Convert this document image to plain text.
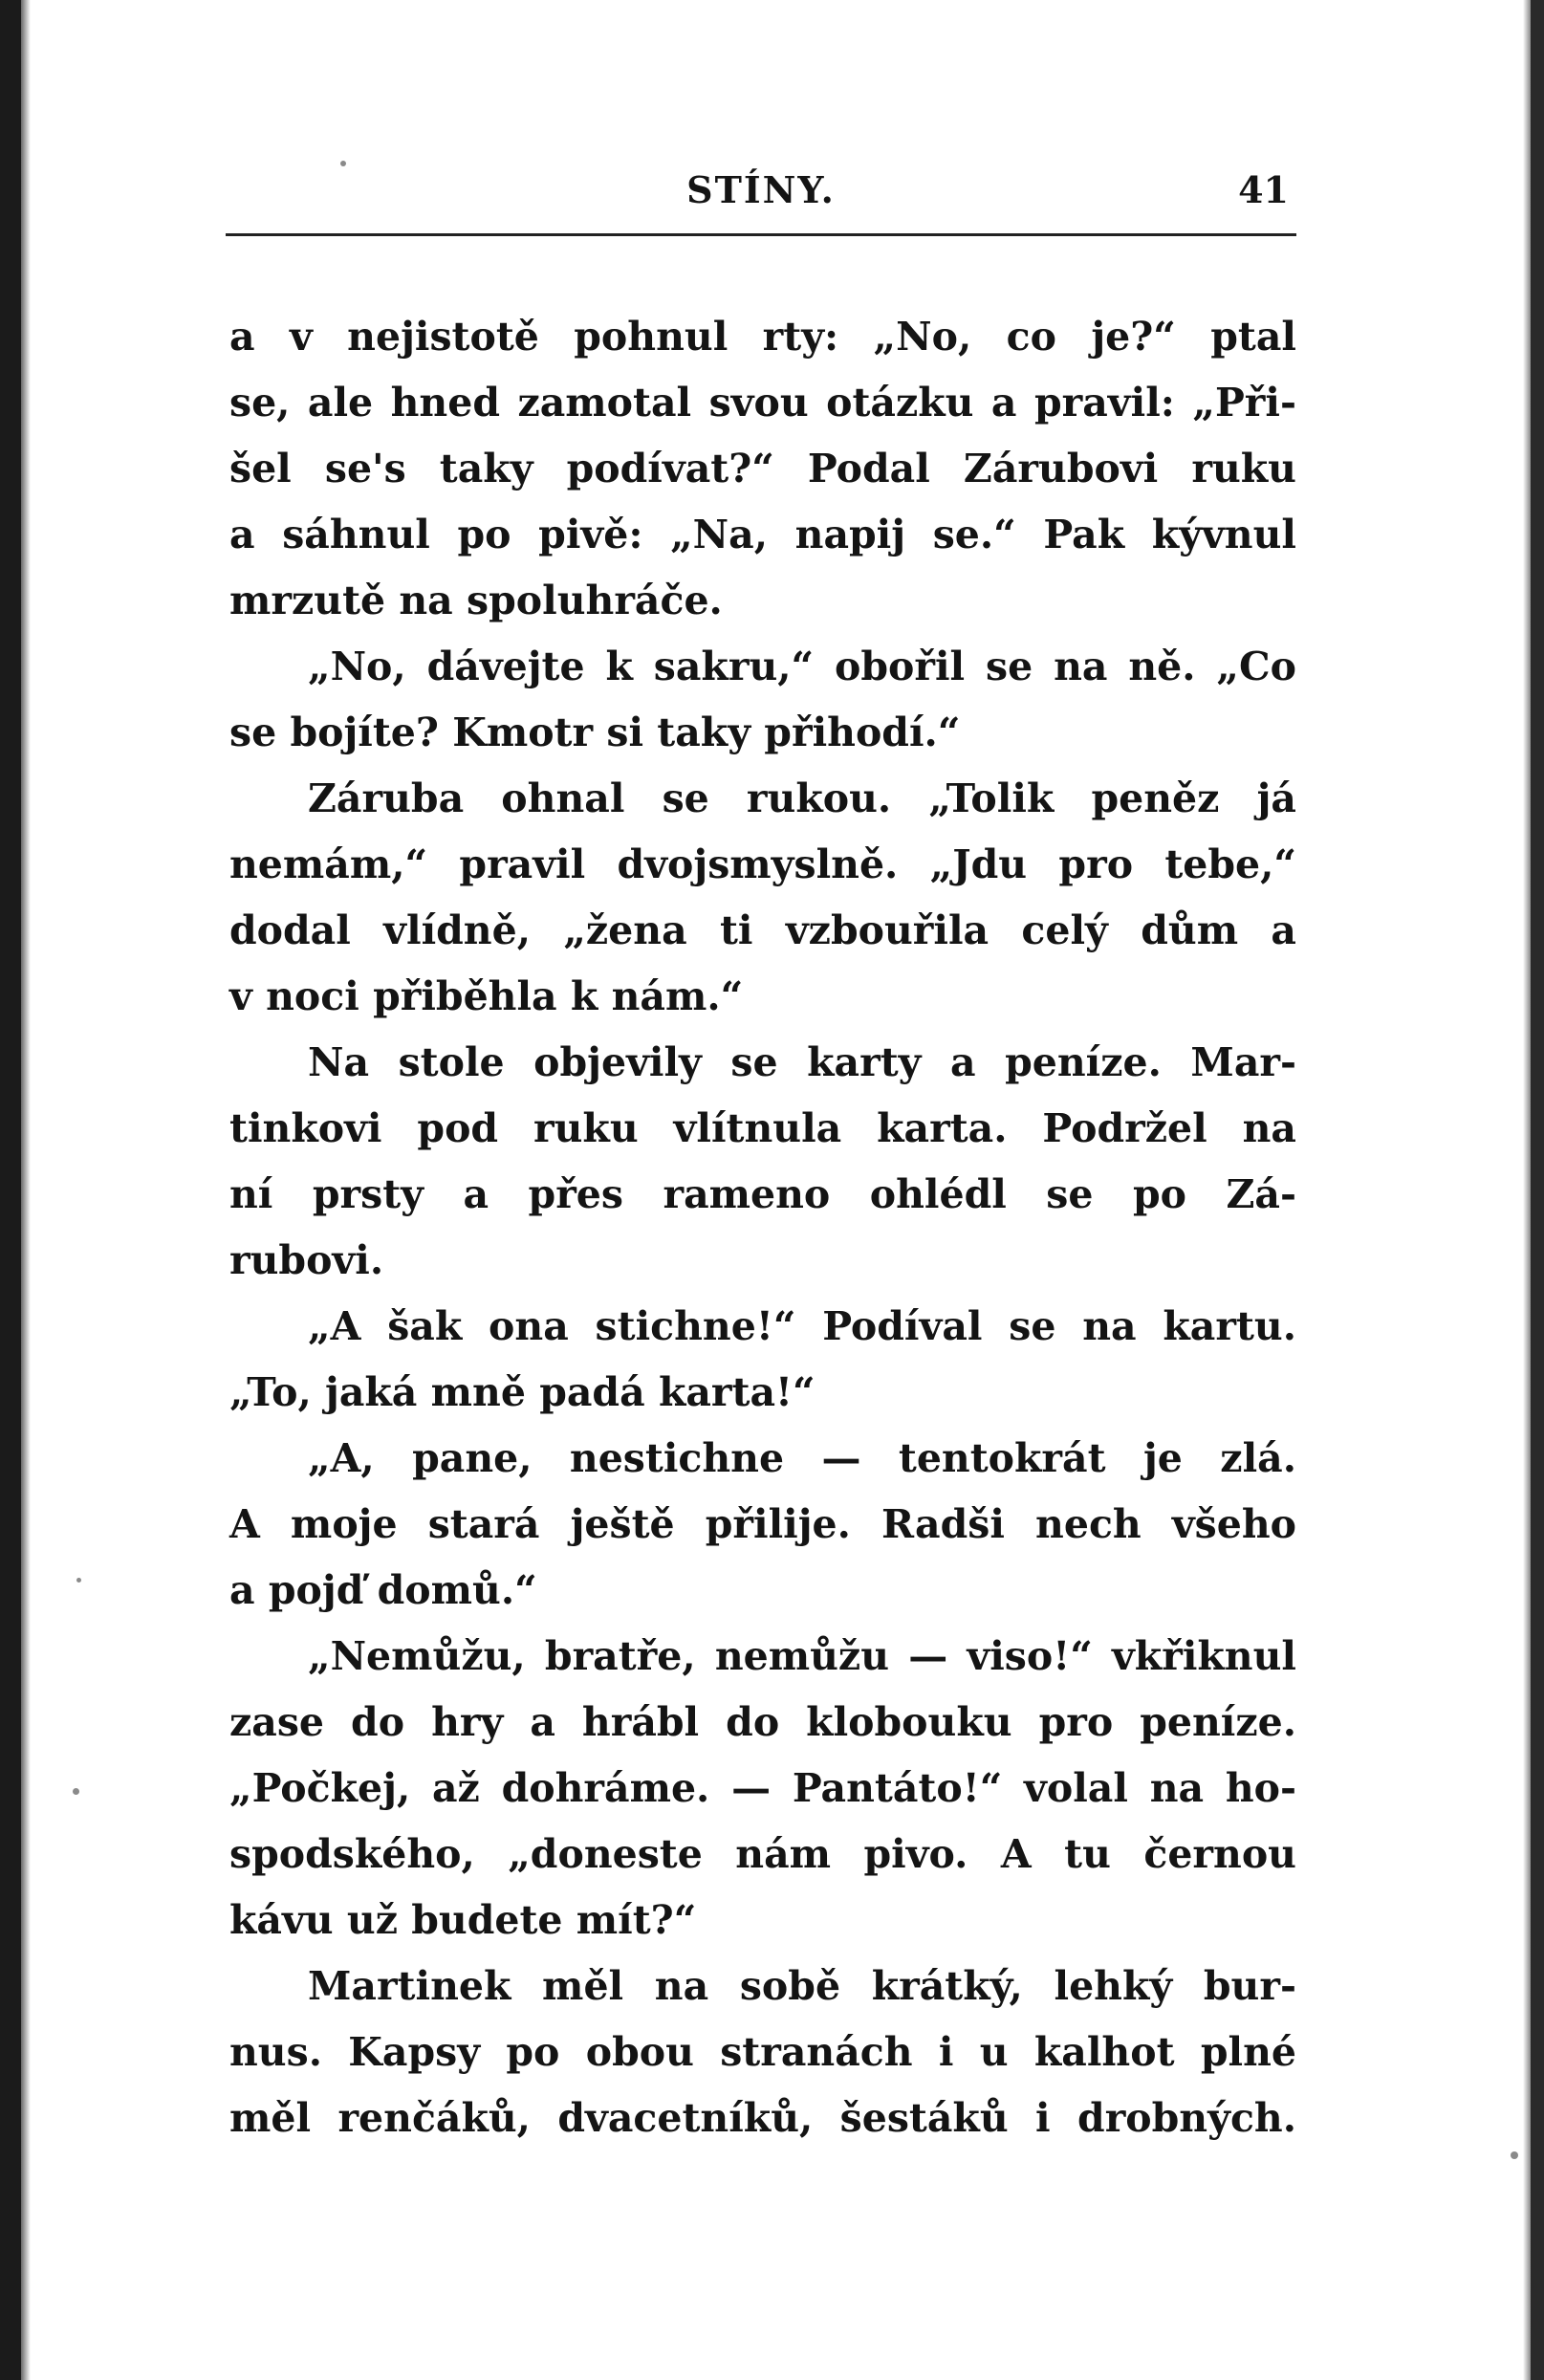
STÍNY.	41
a v nejistotě pohnul rty: „No, co je?“ ptal
se, ale hned zamotal svou otázku a pravil: „Při-
šel se's taky podívat?“ Podal Zárubovi ruku
a sáhnul po pivě: „Na, napij se.“ Pak kývnul
mrzutě na spoluhráče.
„No, dávejte k sakru,“ obořil se na ně. „Co
se bojíte? Kmotr si taky přihodí.“
Záruba ohnal se rukou. „Tolik peněz já
nemám,“ pravil dvojsmyslně. „Jdu pro tebe,“
dodal vlídně, „žena ti vzbouřila celý dům a
v noci přiběhla k nám.“
Na stole objevily se karty a peníze. Mar-
tinkovi pod ruku vlítnula karta. Podržel na
ní prsty a přes rameno ohlédl se po Zá-
rubovi.
„A šak ona stichne!“ Podíval se na kartu.
„To, jaká mně padá karta!“
„A, pane, nestichne — tentokrát je zlá.
A moje stará ještě přilije. Radši nech všeho
a pojď domů.“
„Nemůžu, bratře, nemůžu — viso!“ vkřiknul
zase do hry a hrábl do klobouku pro peníze.
„Počkej, až dohráme. — Pantáto!“ volal na ho-
spodského, „doneste nám pivo. A tu černou
kávu už budete mít?“
Martinek měl na sobě krátký, lehký bur-
nus. Kapsy po obou stranách i u kalhot plné
měl renčáků, dvacetníků, šestáků i drobných.
